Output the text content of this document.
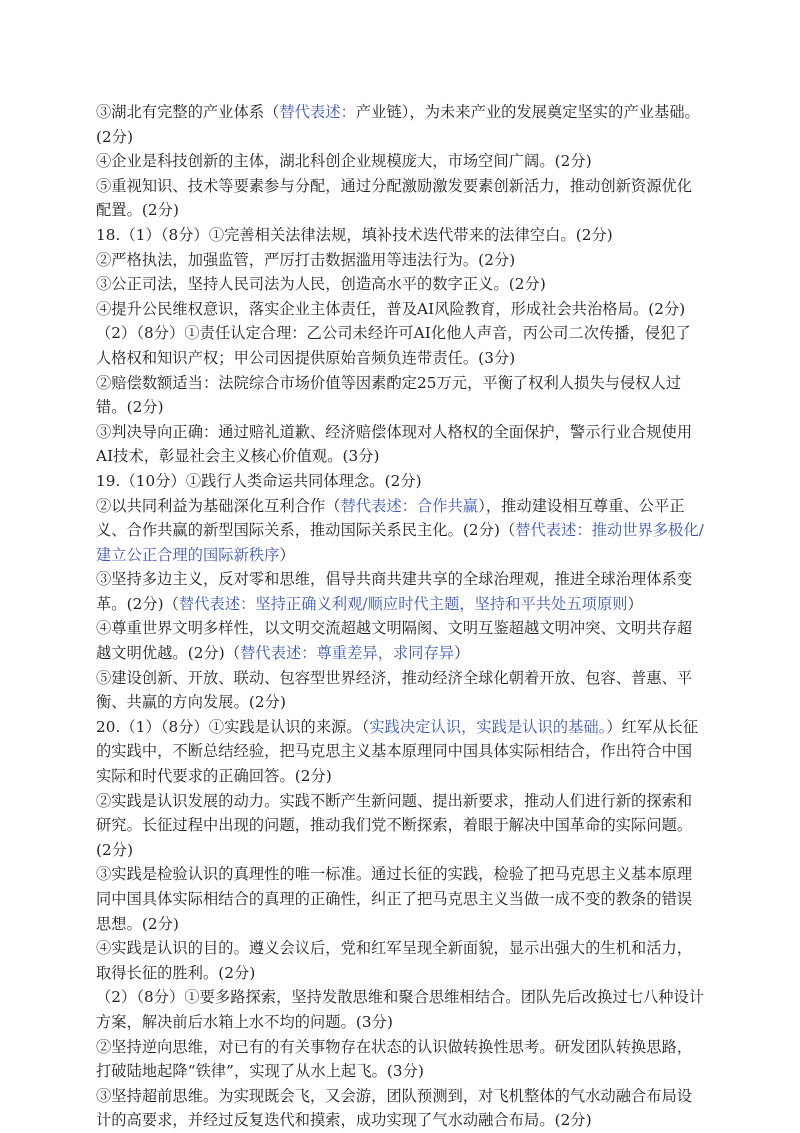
③湖北有完整的产业体系（替代表述：产业链），为未来产业的发展奠定坚实的产业基础。(2分)

④企业是科技创新的主体，湖北科创企业规模庞大，市场空间广阔。(2分)

⑤重视知识、技术等要素参与分配，通过分配激励激发要素创新活力，推动创新资源优化配置。(2分)

18.（1）（8分）①完善相关法律法规，填补技术迭代带来的法律空白。(2分)

②严格执法，加强监管，严厉打击数据滥用等违法行为。(2分)

③公正司法，坚持人民司法为人民，创造高水平的数字正义。(2分)

④提升公民维权意识，落实企业主体责任，普及AI风险教育，形成社会共治格局。(2分)

（2）（8分）①责任认定合理：乙公司未经许可AI化他人声音，丙公司二次传播，侵犯了人格权和知识产权；甲公司因提供原始音频负连带责任。(3分)

②赔偿数额适当：法院综合市场价值等因素酌定25万元，平衡了权利人损失与侵权人过错。(2分)

③判决导向正确：通过赔礼道歉、经济赔偿体现对人格权的全面保护，警示行业合规使用AI技术，彰显社会主义核心价值观。(3分)

19.（10分）①践行人类命运共同体理念。(2分)

②以共同利益为基础深化互利合作（替代表述：合作共赢），推动建设相互尊重、公平正义、合作共赢的新型国际关系，推动国际关系民主化。(2分)（替代表述：推动世界多极化/建立公正合理的国际新秩序）

③坚持多边主义，反对零和思维，倡导共商共建共享的全球治理观，推进全球治理体系变革。(2分)（替代表述：坚持正确义利观/顺应时代主题，坚持和平共处五项原则）

④尊重世界文明多样性，以文明交流超越文明隔阂、文明互鉴超越文明冲突、文明共存超越文明优越。(2分)（替代表述：尊重差异，求同存异）

⑤建设创新、开放、联动、包容型世界经济，推动经济全球化朝着开放、包容、普惠、平衡、共赢的方向发展。(2分)

20.（1）（8分）①实践是认识的来源。（实践决定认识，实践是认识的基础。）红军从长征的实践中，不断总结经验，把马克思主义基本原理同中国具体实际相结合，作出符合中国实际和时代要求的正确回答。(2分)

②实践是认识发展的动力。实践不断产生新问题、提出新要求，推动人们进行新的探索和研究。长征过程中出现的问题，推动我们党不断探索，着眼于解决中国革命的实际问题。(2分)

③实践是检验认识的真理性的唯一标准。通过长征的实践，检验了把马克思主义基本原理同中国具体实际相结合的真理的正确性，纠正了把马克思主义当做一成不变的教条的错误思想。(2分)

④实践是认识的目的。遵义会议后，党和红军呈现全新面貌，显示出强大的生机和活力，取得长征的胜利。(2分)

（2）（8分）①要多路探索，坚持发散思维和聚合思维相结合。团队先后改换过七八种设计方案，解决前后水箱上水不均的问题。(3分)

②坚持逆向思维，对已有的有关事物存在状态的认识做转换性思考。研发团队转换思路，打破陆地起降“铁律”，实现了从水上起飞。(3分)

③坚持超前思维。为实现既会飞，又会游，团队预测到，对飞机整体的气水动融合布局设计的高要求，并经过反复迭代和摸索，成功实现了气水动融合布局。(2分)
